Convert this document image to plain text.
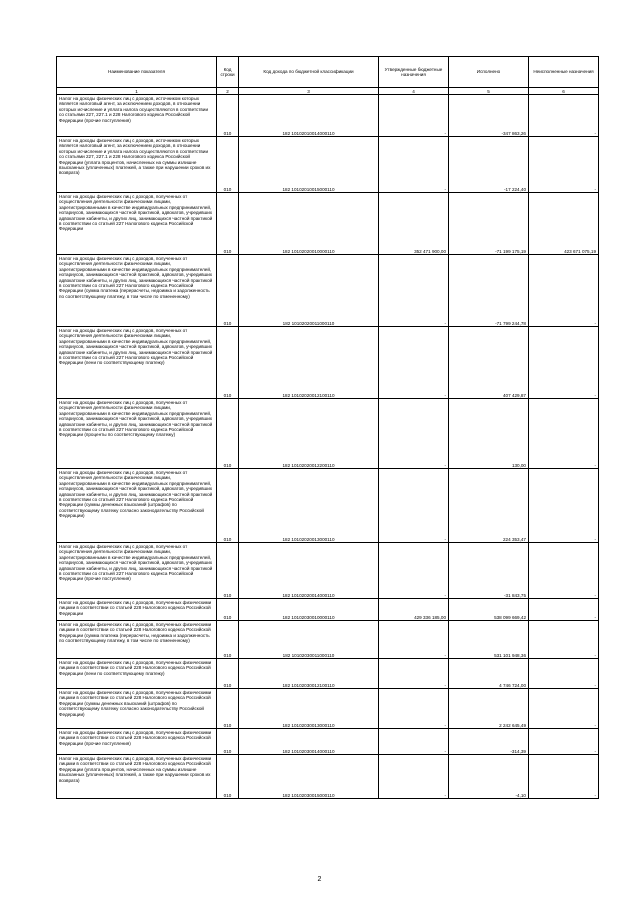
Наименование показателя	Код строки	Код дохода по бюджетной классификации	Утвержденные бюджетные назначения	Исполнено	Неисполненные назначения
1	2	3	4	5	6
Налог на доходы физических лиц с доходов, источником которых является налоговый агент, за исключением доходов, в отношении которых исчисление и уплата налога осуществляются в соответствии со статьями 227, 227.1 и 228 Налогового кодекса Российской Федерации (прочие поступления)	010	182 10102010014000110	-	-347 863,26	-
Налог на доходы физических лиц с доходов, источником которых является налоговый агент, за исключением доходов, в отношении которых исчисление и уплата налога осуществляются в соответствии со статьями 227, 227.1 и 228 Налогового кодекса Российской Федерации (уплата процентов, начисленных на суммы излишне взысканных (уплаченных) платежей, а также при нарушении сроков их возврата)	010	182 10102010015000110	-	-17 224,40	-
Налог на доходы физических лиц с доходов, полученных от осуществления деятельности физическими лицами, зарегистрированными в качестве индивидуальных предпринимателей, нотариусов, занимающихся частной практикой, адвокатов, учредивших адвокатские кабинеты, и других лиц, занимающихся частной практикой в соответствии со статьей 227 Налогового кодекса Российской Федерации	010	182 10102020010000110	352 471 900,00	-71 199 175,19	423 671 075,19
Налог на доходы физических лиц с доходов, полученных от осуществления деятельности физическими лицами, зарегистрированными в качестве индивидуальных предпринимателей, нотариусов, занимающихся частной практикой, адвокатов, учредивших адвокатские кабинеты, и других лиц, занимающихся частной практикой в соответствии со статьей 227 Налогового кодекса Российской Федерации (сумма платежа (перерасчеты, недоимка и задолженность по соответствующему платежу, в том числе по отмененному)	010	182 10102020011000110	-	-71 799 244,78	-
Налог на доходы физических лиц с доходов, полученных от осуществления деятельности физическими лицами, зарегистрированными в качестве индивидуальных предпринимателей, нотариусов, занимающихся частной практикой, адвокатов, учредивших адвокатские кабинеты, и других лиц, занимающихся частной практикой в соответствии со статьей 227 Налогового кодекса Российской Федерации (пени по соответствующему платежу)	010	182 10102020012100110	-	407 429,87	-
Налог на доходы физических лиц с доходов, полученных от осуществления деятельности физическими лицами, зарегистрированными в качестве индивидуальных предпринимателей, нотариусов, занимающихся частной практикой, адвокатов, учредивших адвокатские кабинеты, и других лиц, занимающихся частной практикой в соответствии со статьей 227 Налогового кодекса Российской Федерации (проценты по соответствующему платежу)	010	182 10102020012200110	-	130,00	-
Налог на доходы физических лиц с доходов, полученных от осуществления деятельности физическими лицами, зарегистрированными в качестве индивидуальных предпринимателей, нотариусов, занимающихся частной практикой, адвокатов, учредивших адвокатские кабинеты, и других лиц, занимающихся частной практикой в соответствии со статьей 227 Налогового кодекса Российской Федерации (суммы денежных взысканий (штрафов) по соответствующему платежу согласно законодательству Российской Федерации)	010	182 10102020013000110	-	224 353,47	-
Налог на доходы физических лиц с доходов, полученных от осуществления деятельности физическими лицами, зарегистрированными в качестве индивидуальных предпринимателей, нотариусов, занимающихся частной практикой, адвокатов, учредивших адвокатские кабинеты, и других лиц, занимающихся частной практикой в соответствии со статьей 227 Налогового кодекса Российской Федерации (прочие поступления)	010	182 10102020014000110	-	-31 843,75	-
Налог на доходы физических лиц с доходов, полученных физическими лицами в соответствии со статьей 228 Налогового кодекса Российской Федерации	010	182 10102030010000110	429 336 185,00	538 099 669,42	-
Налог на доходы физических лиц с доходов, полученных физическими лицами в соответствии со статьей 228 Налогового кодекса Российской Федерации (сумма платежа (перерасчеты, недоимка и задолженность по соответствующему платежу, в том числе по отмененному)	010	182 10102030011000110	-	531 101 948,36	-
Налог на доходы физических лиц с доходов, полученных физическими лицами в соответствии со статьей 228 Налогового кодекса Российской Федерации (пени по соответствующему платежу)	010	182 10102030012100110	-	4 746 724,00	-
Налог на доходы физических лиц с доходов, полученных физическими лицами в соответствии со статьей 228 Налогового кодекса Российской Федерации (суммы денежных взысканий (штрафов) по соответствующему платежу согласно законодательству Российской Федерации)	010	182 10102030013000110	-	2 242 645,49	-
Налог на доходы физических лиц с доходов, полученных физическими лицами в соответствии со статьей 228 Налогового кодекса Российской Федерации (прочие поступления)	010	182 10102030014000110	-	-314,39	-
Налог на доходы физических лиц с доходов, полученных физическими лицами в соответствии со статьей 228 Налогового кодекса Российской Федерации (уплата процентов, начисленных на суммы излишне взысканных (уплаченных) платежей, а также при нарушении сроков их возврата)	010	182 10102030015000110	-	-4,10	-
2
